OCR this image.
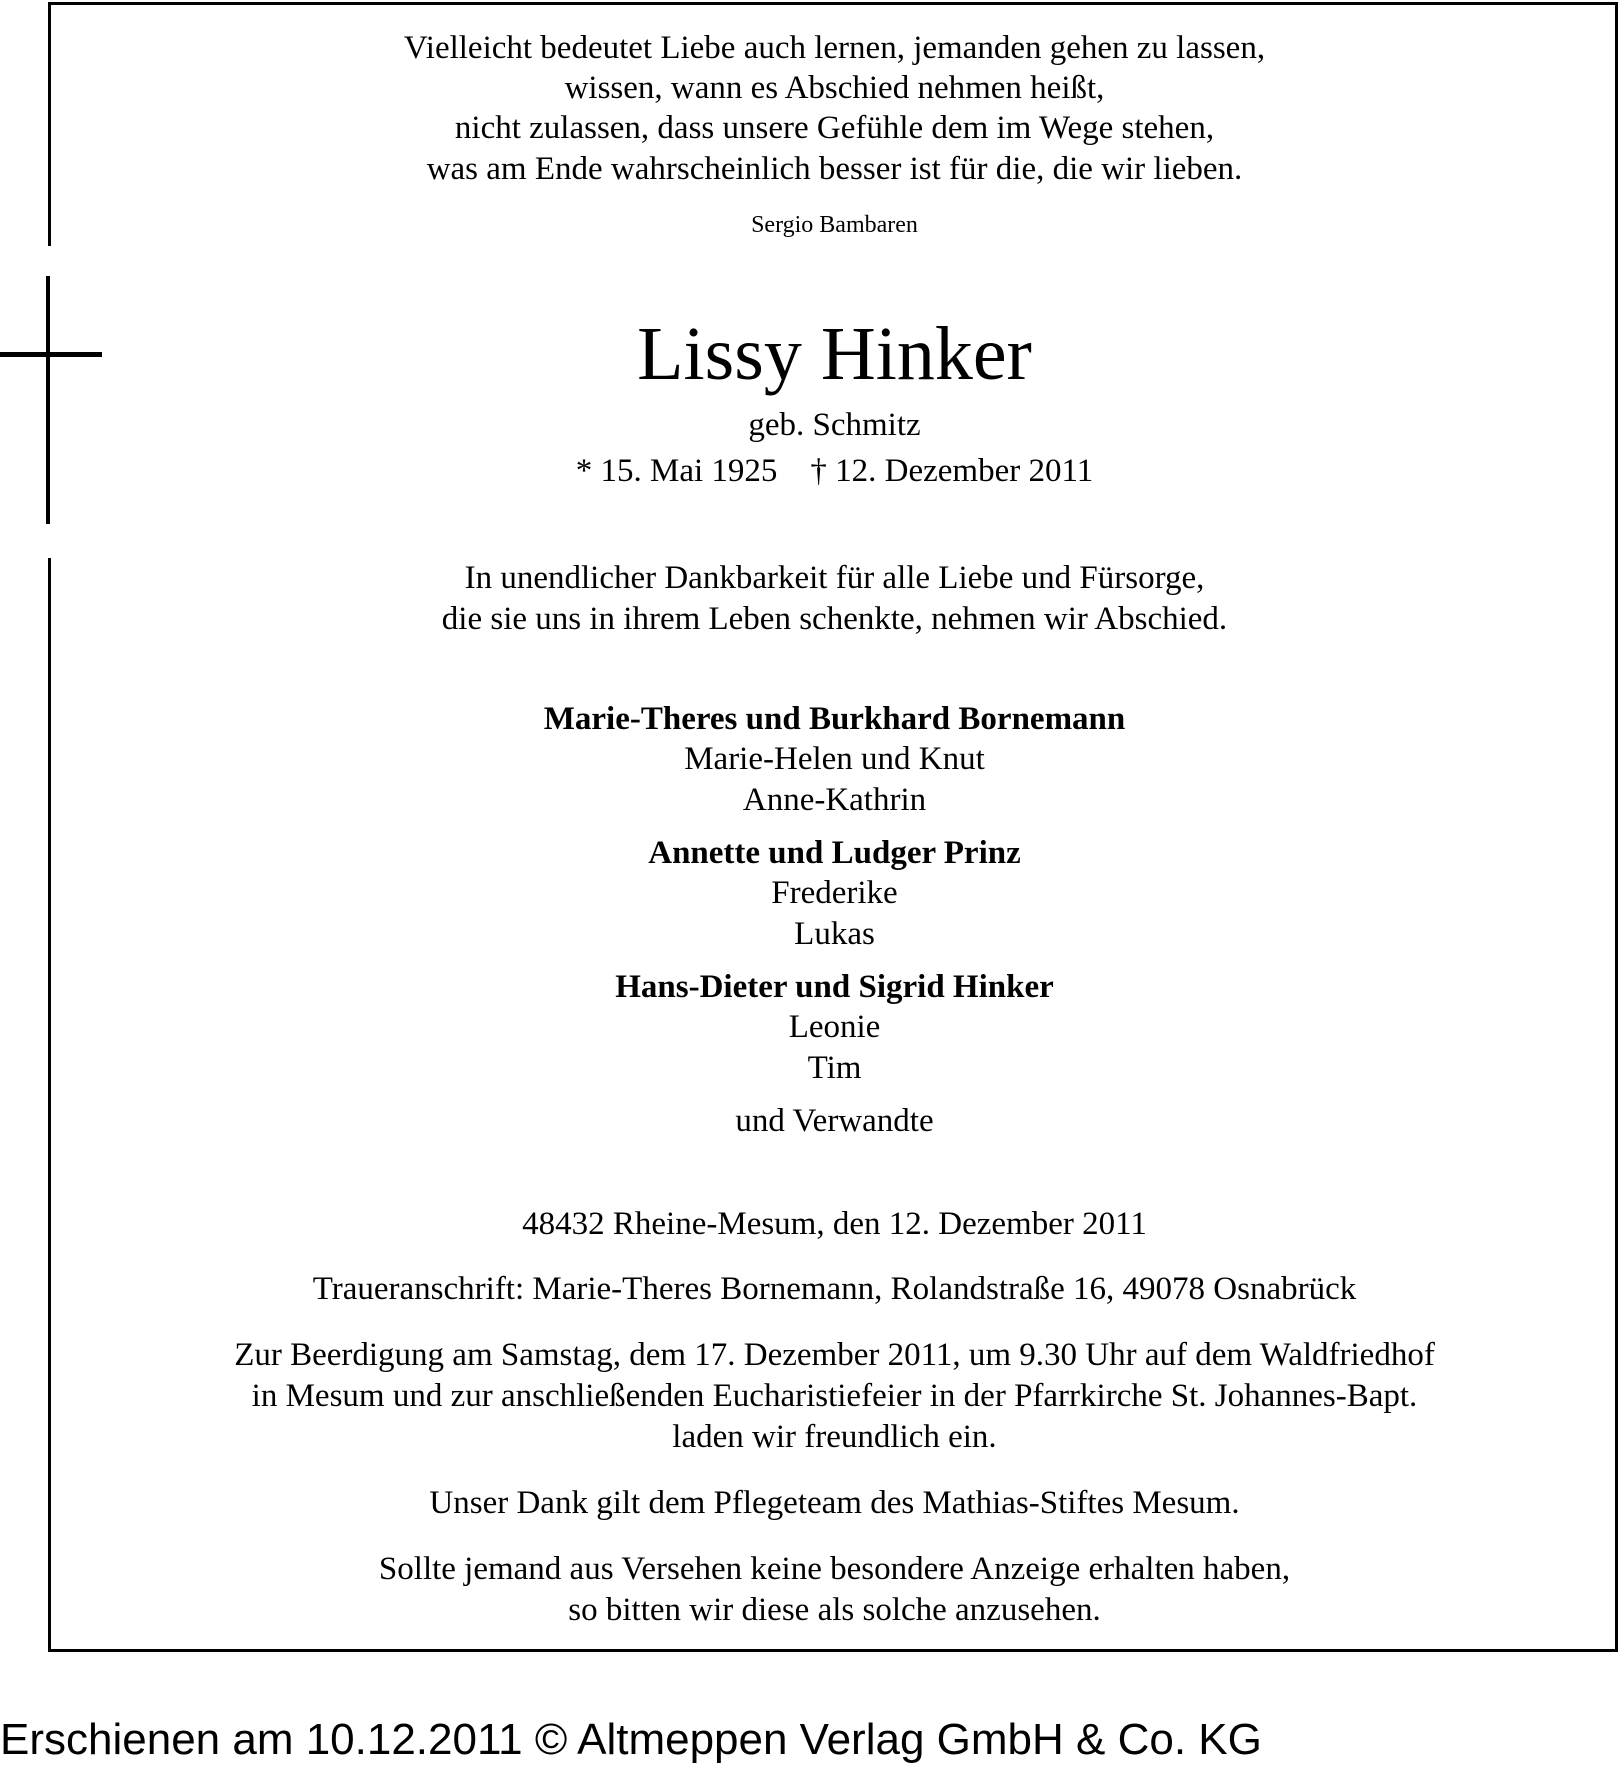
Vielleicht bedeutet Liebe auch lernen, jemanden gehen zu lassen,
wissen, wann es Abschied nehmen heißt,
nicht zulassen, dass unsere Gefühle dem im Wege stehen,
was am Ende wahrscheinlich besser ist für die, die wir lieben.
Sergio Bambaren
Lissy Hinker
geb. Schmitz
* 15. Mai 1925    † 12. Dezember 2011
In unendlicher Dankbarkeit für alle Liebe und Fürsorge,
die sie uns in ihrem Leben schenkte, nehmen wir Abschied.
Marie-Theres und Burkhard Bornemann
Marie-Helen und Knut
Anne-Kathrin
Annette und Ludger Prinz
Frederike
Lukas
Hans-Dieter und Sigrid Hinker
Leonie
Tim
und Verwandte
48432 Rheine-Mesum, den 12. Dezember 2011
Traueranschrift: Marie-Theres Bornemann, Rolandstraße 16, 49078 Osnabrück
Zur Beerdigung am Samstag, dem 17. Dezember 2011, um 9.30 Uhr auf dem Waldfriedhof
in Mesum und zur anschließenden Eucharistiefeier in der Pfarrkirche St. Johannes-Bapt.
laden wir freundlich ein.
Unser Dank gilt dem Pflegeteam des Mathias-Stiftes Mesum.
Sollte jemand aus Versehen keine besondere Anzeige erhalten haben,
so bitten wir diese als solche anzusehen.
Erschienen am 10.12.2011 © Altmeppen Verlag GmbH & Co. KG
